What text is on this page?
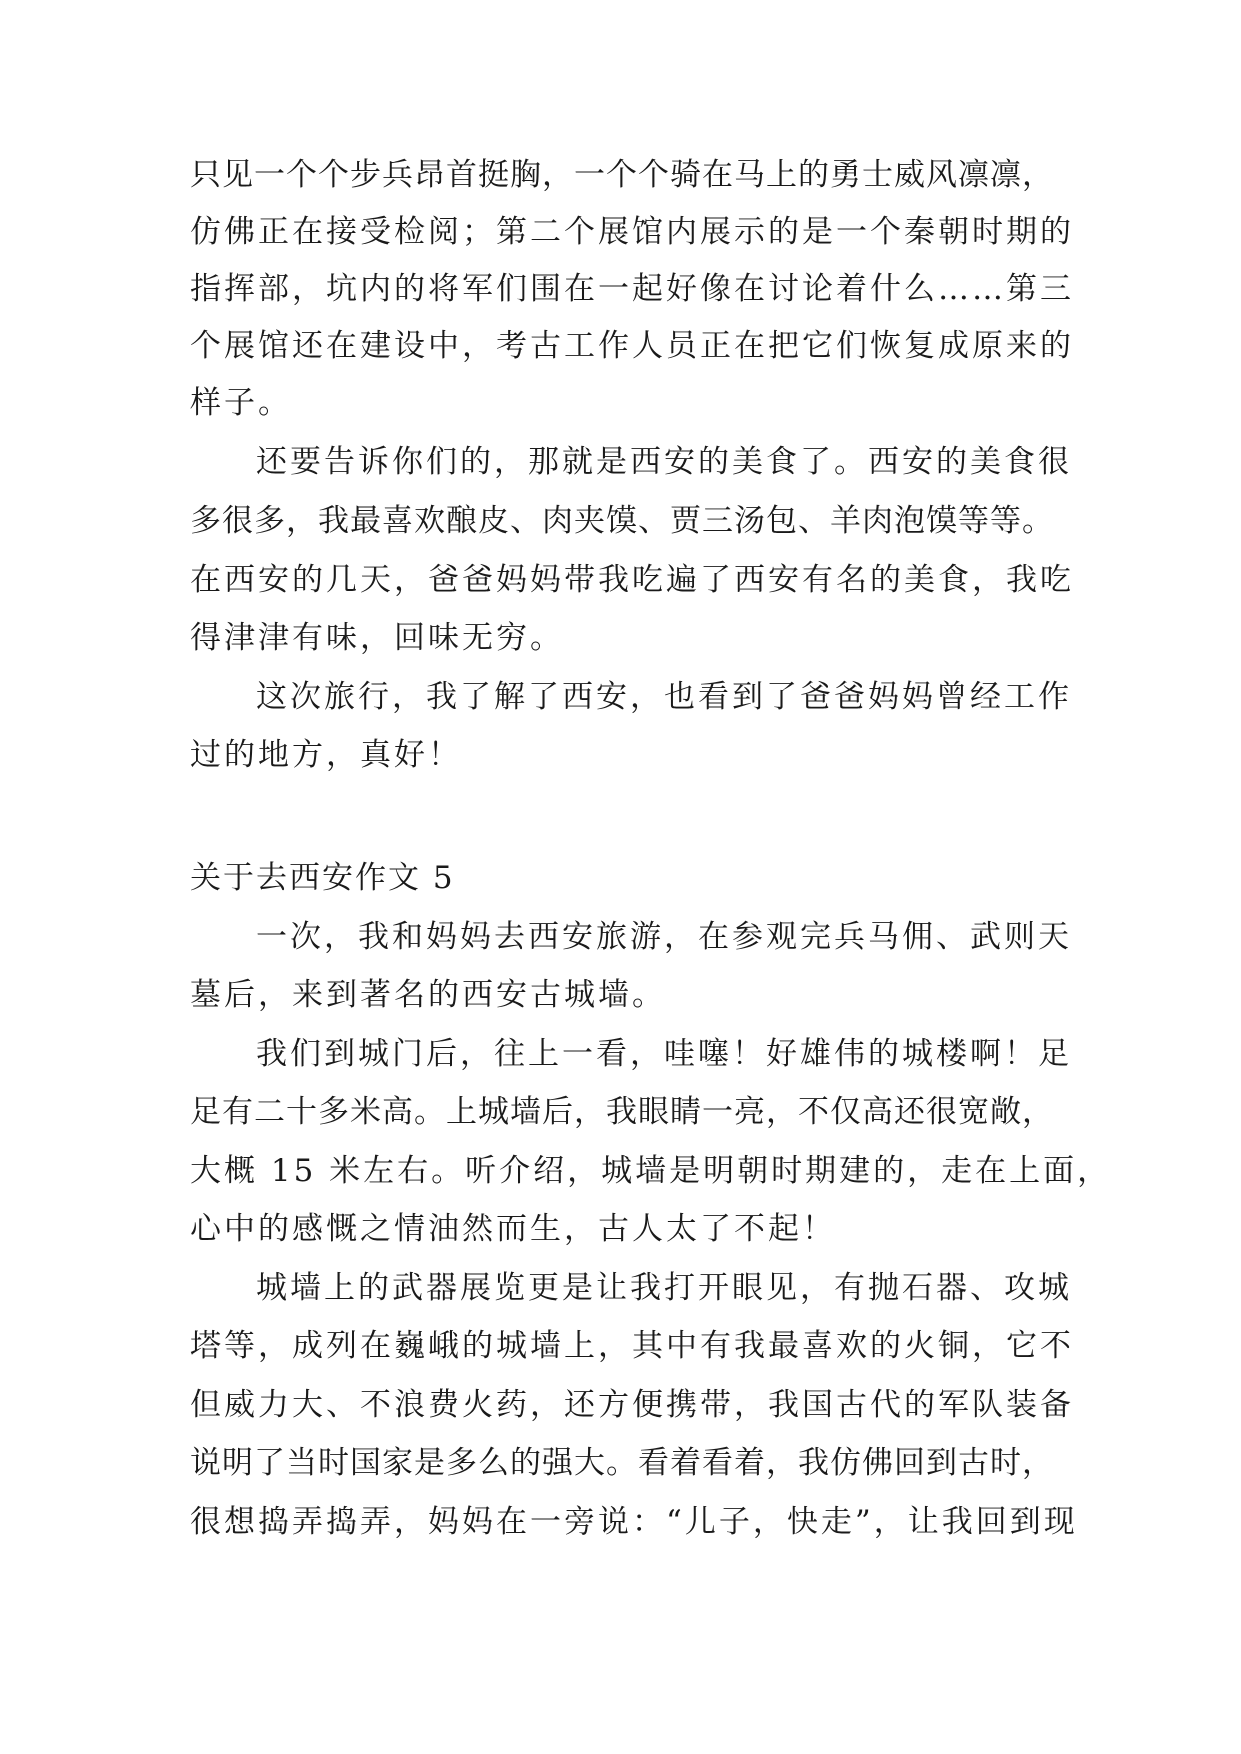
只见一个个步兵昂首挺胸，一个个骑在马上的勇士威风凛凛，
仿佛正在接受检阅；第二个展馆内展示的是一个秦朝时期的
指挥部，坑内的将军们围在一起好像在讨论着什么……第三
个展馆还在建设中，考古工作人员正在把它们恢复成原来的
样子。
还要告诉你们的，那就是西安的美食了。西安的美食很
多很多，我最喜欢酿皮、肉夹馍、贾三汤包、羊肉泡馍等等。
在西安的几天，爸爸妈妈带我吃遍了西安有名的美食，我吃
得津津有味，回味无穷。
这次旅行，我了解了西安，也看到了爸爸妈妈曾经工作
过的地方，真好！
关于去西安作文 5
一次，我和妈妈去西安旅游，在参观完兵马佣、武则天
墓后，来到著名的西安古城墙。
我们到城门后，往上一看，哇噻！好雄伟的城楼啊！足
足有二十多米高。上城墙后，我眼睛一亮，不仅高还很宽敞，
大概 15 米左右。听介绍，城墙是明朝时期建的，走在上面，
心中的感慨之情油然而生，古人太了不起！
城墙上的武器展览更是让我打开眼见，有抛石器、攻城
塔等，成列在巍峨的城墙上，其中有我最喜欢的火铜，它不
但威力大、不浪费火药，还方便携带，我国古代的军队装备
说明了当时国家是多么的强大。看着看着，我仿佛回到古时，
很想捣弄捣弄，妈妈在一旁说：“儿子，快走”，让我回到现
